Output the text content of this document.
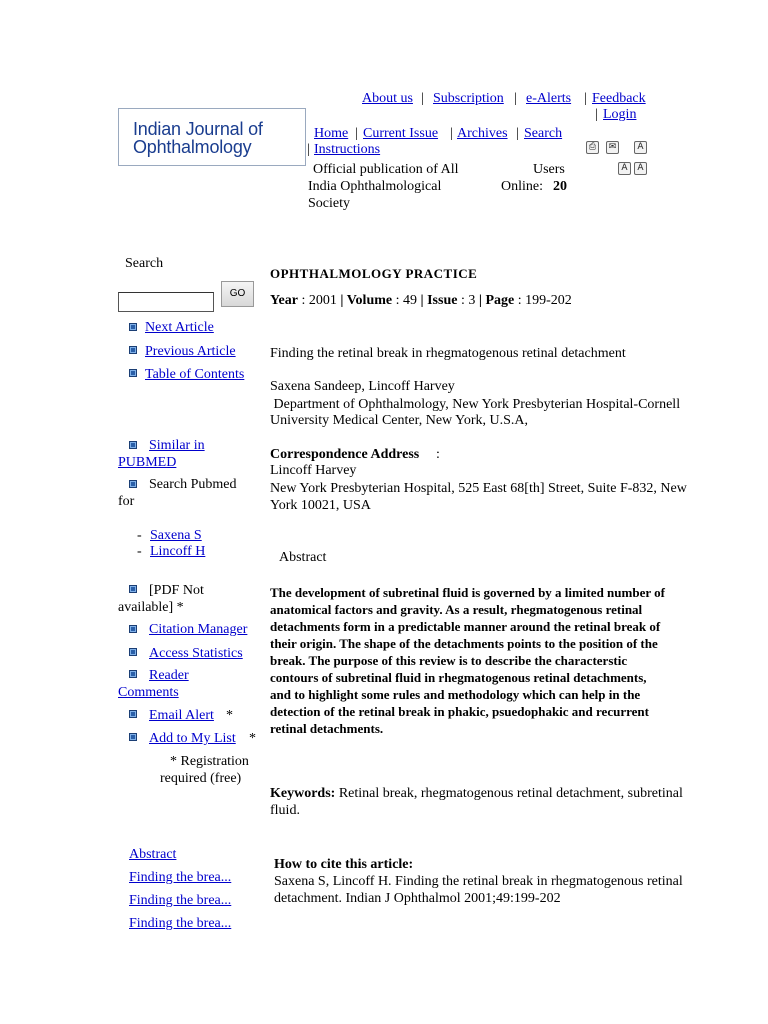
Indian Journal of
Ophthalmology
About us | Subscription | e-Alerts | Feedback
| Login
Home | Current Issue | Archives | Search
| Instructions	⎙	✉	A
A	A
Official publication of All
India Ophthalmological
Society
Users
Online: 20
Search
GO
Next Article
Previous Article
Table of Contents
Similar in
PUBMED
Search Pubmed
for
- Saxena S
- Lincoff H
[PDF Not
available] *
Citation Manager
Access Statistics
Reader
Comments
Email Alert *
Add to My List *
* Registration
required (free)
Abstract
Finding the brea...
Finding the brea...
Finding the brea...
OPHTHALMOLOGY PRACTICE
Year : 2001 | Volume : 49 | Issue : 3 | Page : 199-202
Finding the retinal break in rhegmatogenous retinal detachment
Saxena Sandeep, Lincoff Harvey
Department of Ophthalmology, New York Presbyterian Hospital-Cornell
University Medical Center, New York, U.S.A,
Correspondence Address :
Lincoff Harvey
New York Presbyterian Hospital, 525 East 68[th] Street, Suite F-832, New
York 10021, USA
Abstract
The development of subretinal fluid is governed by a limited number of
anatomical factors and gravity. As a result, rhegmatogenous retinal
detachments form in a predictable manner around the retinal break of
their origin. The shape of the detachments points to the position of the
break. The purpose of this review is to describe the characterstic
contours of subretinal fluid in rhegmatogenous retinal detachments,
and to highlight some rules and methodology which can help in the
detection of the retinal break in phakic, psuedophakic and recurrent
retinal detachments.
Keywords: Retinal break, rhegmatogenous retinal detachment, subretinal
fluid.
How to cite this article:
Saxena S, Lincoff H. Finding the retinal break in rhegmatogenous retinal
detachment. Indian J Ophthalmol 2001;49:199-202
